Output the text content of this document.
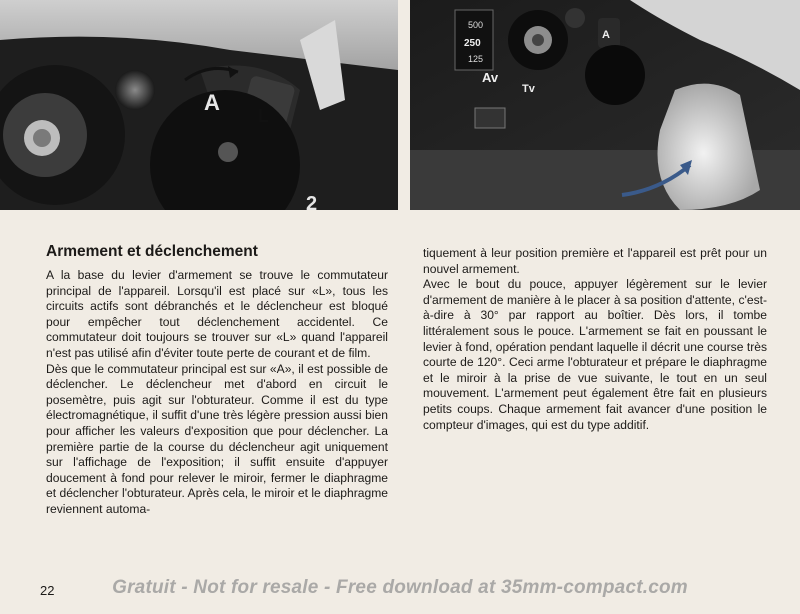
A
L
2
500
250
125
Av
Tv
A
Armement et déclenchement

A la base du levier d'armement se trouve le commutateur principal de l'appareil. Lorsqu'il est placé sur «L», tous les circuits actifs sont débranchés et le déclencheur est bloqué pour empêcher tout déclenchement accidentel. Ce commutateur doit toujours se trouver sur «L» quand l'appareil n'est pas utilisé afin d'éviter toute perte de courant et de film.

Dès que le commutateur principal est sur «A», il est possible de déclencher. Le déclencheur met d'abord en circuit le posemètre, puis agit sur l'obturateur. Comme il est du type électromagnétique, il suffit d'une très légère pression aussi bien pour afficher les valeurs d'exposition que pour déclencher. La première partie de la course du déclencheur agit uniquement sur l'affichage de l'exposition; il suffit ensuite d'appuyer doucement à fond pour relever le miroir, fermer le diaphragme et déclencher l'obturateur. Après cela, le miroir et le diaphragme reviennent automa-

tiquement à leur position première et l'appareil est prêt pour un nouvel armement.

Avec le bout du pouce, appuyer légèrement sur le levier d'armement de manière à le placer à sa position d'attente, c'est-à-dire à 30° par rapport au boîtier. Dès lors, il tombe littéralement sous le pouce. L'armement se fait en poussant le levier à fond, opération pendant laquelle il décrit une course très courte de 120°. Ceci arme l'obturateur et prépare le diaphragme et le miroir à la prise de vue suivante, le tout en un seul mouvement. L'armement peut également être fait en plusieurs petits coups. Chaque armement fait avancer d'une position le compteur d'images, qui est du type additif.

22	Gratuit - Not for resale - Free download at 35mm-compact.com
